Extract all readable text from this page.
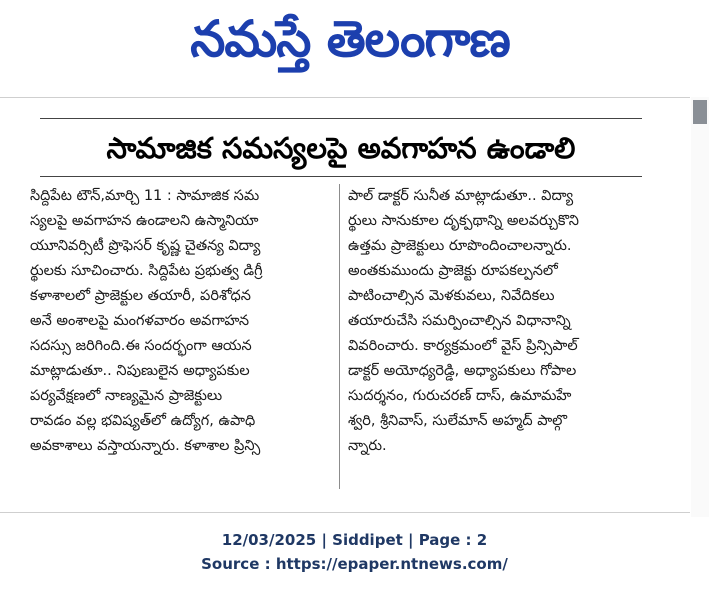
నమస్తే తెలంగాణ
సామాజిక సమస్యలపై అవగాహన ఉండాలి
సిద్దిపేట టౌన్,మార్చి 11 : సామాజిక సమ
స్యలపై అవగాహన ఉండాలని ఉస్మానియా
యూనివర్సిటీ ప్రొఫెసర్ కృష్ణ చైతన్య విద్యా
ర్థులకు సూచించారు. సిద్దిపేట ప్రభుత్వ డిగ్రీ
కళాశాలలో ప్రాజెక్టుల తయారీ, పరిశోధన
అనే అంశాలపై మంగళవారం అవగాహన
సదస్సు జరిగింది.ఈ సందర్భంగా ఆయన
మాట్లాడుతూ.. నిపుణులైన అధ్యాపకుల
పర్యవేక్షణలో నాణ్యమైన ప్రాజెక్టులు
రావడం వల్ల భవిష్యత్‌లో ఉద్యోగ, ఉపాధి
అవకాశాలు వస్తాయన్నారు. కళాశాల ప్రిన్సి
పాల్ డాక్టర్ సునీత మాట్లాడుతూ.. విద్యా
ర్థులు సానుకూల దృక్పథాన్ని అలవర్చుకొని
ఉత్తమ ప్రాజెక్టులు రూపొందించాలన్నారు.
అంతకుముందు ప్రాజెక్టు రూపకల్పనలో
పాటించాల్సిన మెళకువలు, నివేదికలు
తయారుచేసి సమర్పించాల్సిన విధానాన్ని
వివరించారు. కార్యక్రమంలో వైస్ ప్రిన్సిపాల్
డాక్టర్ అయోధ్యరెడ్డి, అధ్యాపకులు గోపాల
సుదర్శనం, గురుచరణ్ దాస్, ఉమామహే
శ్వరి, శ్రీనివాస్, సులేమాన్ అహ్మద్ పాల్గొ
న్నారు.
12/03/2025 | Siddipet | Page : 2
Source : https://epaper.ntnews.com/
